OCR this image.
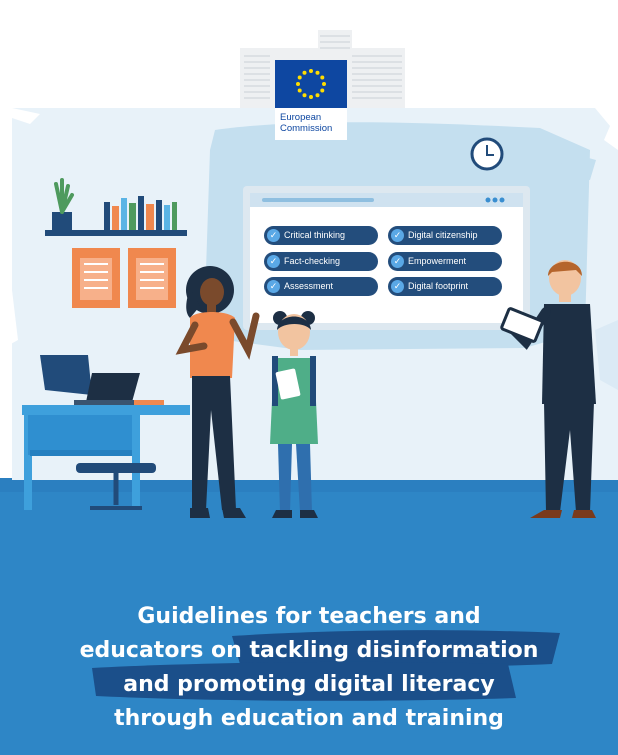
European
Commission
✓ Critical thinking	✓ Digital citizenship
✓ Fact-checking	✓ Empowerment
✓ Assessment	✓ Digital footprint
Guidelines for teachers and
educators on tackling disinformation
and promoting digital literacy
through education and training
